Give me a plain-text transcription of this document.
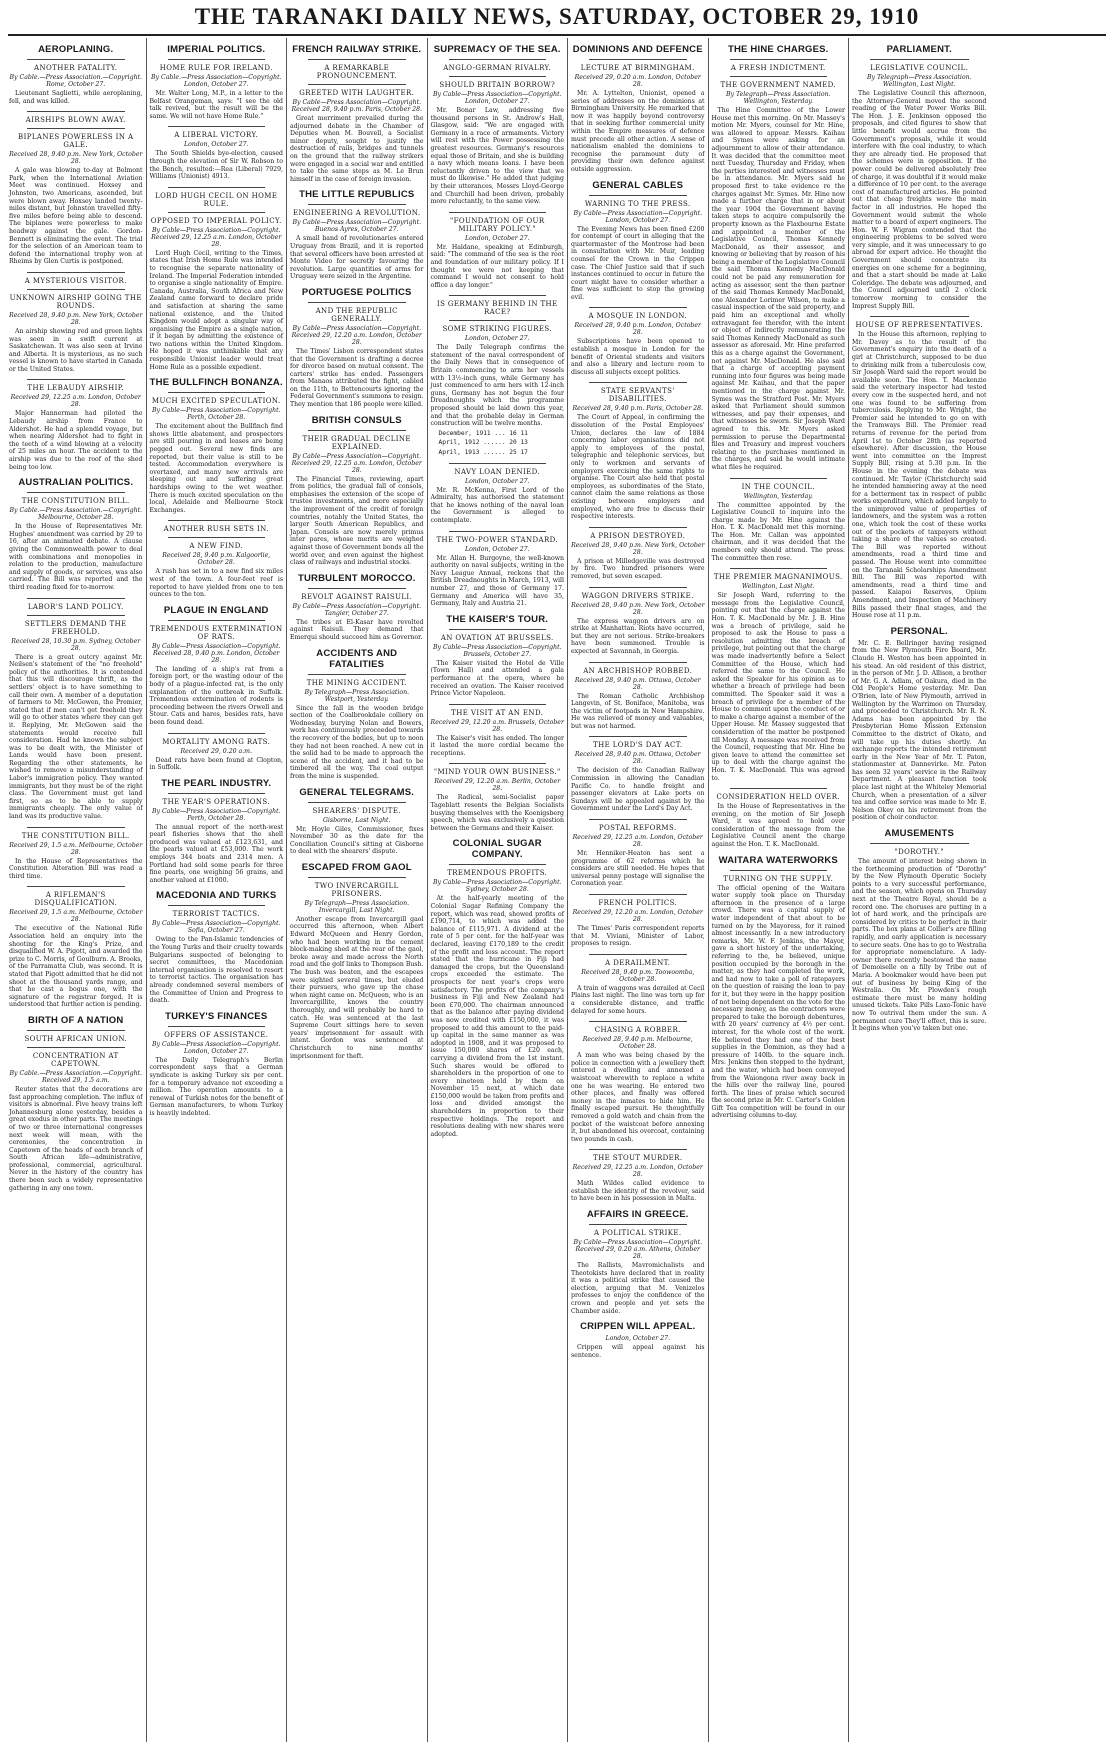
THE TARANAKI DAILY NEWS, SATURDAY, OCTOBER 29, 1910
AEROPLANING.
ANOTHER FATALITY.
By Cable.—Press Association.—Copyright. Rome, October 27.
Lieutenant Saglietti, while aeroplaning, fell, and was killed.
AIRSHIPS BLOWN AWAY.
BIPLANES POWERLESS IN A GALE.
Received 28, 9.40 p.m. New York, October 28.
A gale was blowing to-day at Belmont Park, when the International Aviation Meet was continued. Hoxsey and Johnston, two Americans, ascended, but were blown away. Hoxsey landed twenty-miles distant, but Johnston travelled fifty-five miles before being able to descend. The biplanes were powerless to make headway against the gale. Gordon-Bennett is eliminating the event. The trial for the selection of an American team to defend the international trophy won at Rheims by Glen Curtis is postponed.
A MYSTERIOUS VISITOR.
UNKNOWN AIRSHIP GOING THE ROUNDS.
Received 28, 9.40 p.m. New York, October 28.
An airship showing red and green lights was seen in a swift current at Saskatchewan. It was also seen at Irvine and Alberta. It is mysterious, as no such vessel is known to have started in Canada or the United States.
THE LEBAUDY AIRSHIP.
Received 29, 12.25 a.m. London, October 28.
Major Hannerman had piloted the Lebaudy airship from France to Aldershot. He had a splendid voyage, but when nearing Aldershot had to fight in the teeth of a wind blowing at a velocity of 25 miles an hour. The accident to the airship was due to the roof of the shed being too low.
AUSTRALIAN POLITICS.
THE CONSTITUTION BILL.
By Cable.—Press Association.—Copyright. Melbourne, October 28.
In the House of Representatives Mr. Hughes' amendment was carried by 29 to 16, after an animated debate. A clause giving the Commonwealth power to deal with combinations and monopolies in relation to the production, manufacture and supply of goods, or services, was also carried. The Bill was reported and the third reading fixed for to-morrow.
LABOR'S LAND POLICY.
SETTLERS DEMAND THE FREEHOLD.
Received 28, 10.30 p.m. Sydney, October 28.
There is a great outcry against Mr. Neilsen's statement of the "no freehold" policy of the authorities. It is contended that this will discourage thrift, as the settlers' object is to have something to call their own. A member of a deputation of farmers to Mr. McGowen, the Premier, stated that if men can't get freehold they will go to other states where they can get it. Replying, Mr. McGowen said the statements would receive full consideration. Had he known the subject was to be dealt with, the Minister of Lands would have been present. Regarding the other statements, he wished to remove a misunderstanding of Labor's immigration policy. They wanted immigrants, but they must be of the right class. The Government must get land first, so as to be able to supply immigrants cheaply. The only value of land was its productive value.
THE CONSTITUTION BILL.
Received 29, 1.5 a.m. Melbourne, October 28.
In the House of Representatives the Constitution Alteration Bill was read a third time.
A RIFLEMAN'S DISQUALIFICATION.
Received 29, 1.5 a.m. Melbourne, October 28.
The executive of the National Rifle Association held an enquiry into the shooting for the King's Prize, and disqualified W. A. Pigott, and awarded the prize to C. Morris, of Goulburn. A. Brooks, of the Parramatta Club, was second. It is stated that Pigott admitted that he did not shoot at the thousand yards range, and that he cast a bogus one, with the signature of the registrar forged. It is understood that further action is pending.
BIRTH OF A NATION
SOUTH AFRICAN UNION.
CONCENTRATION AT CAPETOWN.
By Cable.—Press Association.—Copyright. Received 29, 1.5 a.m.
Reuter states that the decorations are fast approaching completion. The influx of visitors is abnormal. Five heavy trains left Johannesburg alone yesterday, besides a great exodus in other parts. The meetings of two or three international congresses next week will mean, with the ceremonies, the concentration in Capetown of the heads of each branch of South African life—administrative, professional, commercial, agricultural. Never in the history of the country has there been such a widely representative gathering in any one town.
IMPERIAL POLITICS.
HOME RULE FOR IRELAND.
By Cable.—Press Association—Copyright. London, October 27.
Mr. Walter Long, M.P., in a letter to the Belfast Orangeman, says: "I see the old talk revived, but the result will be the same. We will not have Home Rule."
A LIBERAL VICTORY.
London, October 27.
The South Shields bye-election, caused through the elevation of Sir W. Robson to the Bench, resulted:—Rea (Liberal) 7929, Williams (Unionist) 4913.
LORD HUGH CECIL ON HOME RULE.
OPPOSED TO IMPERIAL POLICY.
By Cable—Press Association—Copyright. Received 29, 12.25 a.m. London, October 28.
Lord Hugh Cecil, writing to the Times, states that Irish Home Rule was intended to recognise the separate nationality of Ireland. The Imperial Federation intended to organise a single nationality of Empire. Canada, Australia, South Africa and New Zealand came forward to declare pride and satisfaction at sharing the same national existence, and the United Kingdom would adopt a singular way of organising the Empire as a single nation, if it began by admitting the existence of two nations within the United Kingdom. He hoped it was unthinkable that any responsible Unionist leader would treat Home Rule as a possible expedient.
THE BULLFINCH BONANZA.
MUCH EXCITED SPECULATION.
By Cable—Press Association—Copyright. Perth, October 28.
The excitement about the Bullfinch find shows little abatement, and prospectors are still pouring in and leases are being pegged out. Several new finds are reported, but their value is still to be tested. Accommodation everywhere is overtaxed, and many new arrivals are sleeping out and suffering great hardships owing to the wet weather. There is much excited speculation on the local, Adelaide and Melbourne Stock Exchanges.
ANOTHER RUSH SETS IN.
A NEW FIND.
Received 28, 9.40 p.m. Kalgoorlie, October 28.
A rush has set in to a new find six miles west of the town. A four-feet reef is reported to have yielded from one to ten ounces to the ton.
PLAGUE IN ENGLAND
TREMENDOUS EXTERMINATION OF RATS.
By Cable—Press Association—Copyright. Received 28, 9.40 p.m. London, October 28.
The landing of a ship's rat from a foreign port, or the wasting odour of the body of a plague-infected rat, is the only explanation of the outbreak in Suffolk. Tremendous extermination of rodents is proceeding between the rivers Orwell and Stour. Cats and hares, besides rats, have been found dead.
MORTALITY AMONG RATS.
Received 29, 0.20 a.m.
Dead rats have been found at Clopton, in Suffolk.
THE PEARL INDUSTRY.
THE YEAR'S OPERATIONS.
By Cable—Press Association—Copyright. Perth, October 28.
The annual report of the north-west pearl fisheries shows that the shell produced was valued at £123,631, and the pearls valued at £53,000. The work employs 344 boats and 2314 men. A Portland had sold some pearls for three fine pearls, one weighing 56 grains, and another valued at £1000.
MACEDONIA AND TURKS
TERRORIST TACTICS.
By Cable—Press Association—Copyright. Sofia, October 27.
Owing to the Pan-Islamic tendencies of the Young Turks and their cruelty towards Bulgarians suspected of belonging to secret committees, the Macedonian internal organisation is resolved to resort to terrorist tactics. The organisation has already condemned several members of the Committee of Union and Progress to death.
TURKEY'S FINANCES
OFFERS OF ASSISTANCE.
By Cable—Press Association—Copyright. London, October 27.
The Daily Telegraph's Berlin correspondent says that a German syndicate is asking Turkey six per cent. for a temporary advance not exceeding a million. The operation amounts to a renewal of Turkish notes for the benefit of German manufacturers, to whom Turkey is heavily indebted.
FRENCH RAILWAY STRIKE.
A REMARKABLE PRONOUNCEMENT.
GREETED WITH LAUGHTER.
By Cable—Press Association—Copyright. Received 28, 9.40 p.m. Paris, October 28.
Great merriment prevailed during the adjourned debate in the Chamber of Deputies when M. Bouvell, a Socialist minor deputy, sought to justify the destruction of rails, bridges and tunnels on the ground that the railway strikers were engaged in a social war and entitled to take the same steps as M. Le Brun himself in the case of foreign invasion.
THE LITTLE REPUBLICS
ENGINEERING A REVOLUTION.
By Cable—Press Association—Copyright. Buenos Ayres, October 27.
A small band of revolutionaries entered Uruguay from Brazil, and it is reported that several officers have been arrested at Monte Video for secretly favouring the revolution. Large quantities of arms for Uruguay were seized in the Argentine.
PORTUGESE POLITICS
AND THE REPUBLIC GENERALLY.
By Cable—Press Association—Copyright. Received 29, 12.20 a.m. London, October 28.
The Times' Lisbon correspondent states that the Government is drafting a decree for divorce based on mutual consent. The carters' strike has ended. Passengers from Manaos attributed the fight, cabled on the 11th, to Bettencourts ignoring the Federal Government's summons to resign. They mention that 186 people were killed.
BRITISH CONSULS
THEIR GRADUAL DECLINE EXPLAINED.
By Cable—Press Association—Copyright. Received 29, 12.25 a.m. London, October 28.
The Financial Times, reviewing, apart from politics, the gradual fall of consols, emphasises the extension of the scope of trustee investments, and more especially the improvement of the credit of foreign countries, notably the United States, the larger South American Republics, and Japan. Consols are now merely primus inter pares, whose merits are weighed against those of Government bonds all the world over, and even against the highest class of railways and industrial stocks.
TURBULENT MOROCCO.
REVOLT AGAINST RAISULI.
By Cable—Press Association—Copyright. Tangier, October 27.
The tribes at El-Kasar have revolted against Raisuli. They demand that Emerqui should succeed him as Governor.
ACCIDENTS AND FATALITIES
THE MINING ACCIDENT.
By Telegraph—Press Association. Westport, Yesterday.
Since the fall in the wooden bridge section of the Coalbrookdale colliery on Wednesday, burying Nolan and Bowers, work has continuously proceeded towards the recovery of the bodies, but up to noon they had not been reached. A new cut in the solid had to be made to approach the scene of the accident, and it had to be timbered all the way. The coal output from the mine is suspended.
GENERAL TELEGRAMS.
SHEARERS' DISPUTE.
Gisborne, Last Night.
Mr. Hoyle Giles, Commissioner, fixes November 30 as the date for the Conciliation Council's sitting at Gisborne to deal with the shearers' dispute.
ESCAPED FROM GAOL
TWO INVERCARGILL PRISONERS.
By Telegraph—Press Association. Invercargill, Last Night.
Another escape from Invercargill gaol occurred this afternoon, when Albert Edward McQueen and Henry Gordon, who had been working in the cement block-making shed at the rear of the gaol, broke away and made across the North road and the golf links to Thompson Bush. The bush was beaten, and the escapees were sighted several times, but eluded their pursuers, who gave up the chase when night came on. McQueen, who is an Invercargillite, knows the country thoroughly, and will probably be hard to catch. He was sentenced at the last Supreme Court sittings here to seven years' imprisonment for assault with intent. Gordon was sentenced at Christchurch to nine months' imprisonment for theft.
SUPREMACY OF THE SEA.
ANGLO-GERMAN RIVALRY.
SHOULD BRITAIN BORROW?
By Cable—Press Association—Copyright. London, October 27.
Mr. Bonar Law, addressing five thousand persons in St. Andrew's Hall, Glasgow, said: "We are engaged with Germany in a race of armaments. Victory will rest with the Power possessing the greatest resources. Germany's resources equal those of Britain, and she is building a navy which means loans. I have been reluctantly driven to the view that we must do likewise." He added that judging by their utterances, Messrs Lloyd-George and Churchill had been driven, probably more reluctantly, to the same view.
"FOUNDATION OF OUR MILITARY POLICY."
London, October 27.
Mr. Haldane, speaking at Edinburgh, said: "The command of the sea is the root and foundation of our military policy. If I thought we were not keeping that command I would not consent to hold office a day longer."
IS GERMANY BEHIND IN THE RACE?
SOME STRIKING FIGURES.
London, October 27.
The Daily Telegraph confirms the statement of the naval correspondent of the Daily News that in consequence of Britain commencing to arm her vessels with 13½-inch guns, while Germany has just commenced to arm hers with 12-inch guns, Germany has not begun the four Dreadnoughts which the programme proposed should be laid down this year, and that the probable delay in German construction will be twelve months.
December, 1911 ... 16 11
April, 1912 ...... 20 13
April, 1913 ...... 25 17
NAVY LOAN DENIED.
London, October 27.
Mr. R. McKenna, First Lord of the Admiralty, has authorised the statement that he knows nothing of the naval loan the Government is alleged to contemplate.
THE TWO-POWER STANDARD.
London, October 27.
Mr. Allan H. Burgoyne, the well-known authority on naval subjects, writing in the Navy League Annual, reckons that the British Dreadnoughts in March, 1913, will number 27, and those of Germany 17. Germany and America will have 35, Germany, Italy and Austria 21.
THE KAISER'S TOUR.
AN OVATION AT BRUSSELS.
By Cable—Press Association—Copyright. Brussels, October 27.
The Kaiser visited the Hotel de Ville (Town Hall) and attended a gala performance at the opera, where he received an ovation. The Kaiser received Prince Victor Napoleon.
THE VISIT AT AN END.
Received 29, 12.20 a.m. Brussels, October 28.
The Kaiser's visit has ended. The longer it lasted the more cordial became the receptions.
"MIND YOUR OWN BUSINESS."
Received 29, 12.20 a.m. Berlin, October 28.
The Radical, semi-Socialist paper Tageblatt resents the Belgian Socialists busying themselves with the Koenigsberg speech, which was exclusively a question between the Germans and their Kaiser.
COLONIAL SUGAR COMPANY.
TREMENDOUS PROFITS.
By Cable—Press Association—Copyright. Sydney, October 28.
At the half-yearly meeting of the Colonial Sugar Refining Company the report, which was read, showed profits of £190,714, to which was added the balance of £115,971. A dividend at the rate of 5 per cent. for the half-year was declared, leaving £170,189 to the credit of the profit and loss account. The report stated that the hurricane in Fiji had damaged the crops, but the Queensland crops exceeded the estimate. The prospects for next year's crops were satisfactory. The profits of the company's business in Fiji and New Zealand had been £70,000. The chairman announced that as the balance after paying dividend was now credited with £150,000, it was proposed to add this amount to the paid-up capital in the same manner as was adopted in 1908, and it was proposed to issue 150,000 shares of £20 each, carrying a dividend from the 1st instant. Such shares would be offered to shareholders in the proportion of one to every nineteen held by them on November 15 next, at which date £150,000 would be taken from profits and loss and divided amongst the shareholders in proportion to their respective holdings. The report and resolutions dealing with new shares were adopted.
DOMINIONS AND DEFENCE
LECTURE AT BIRMINGHAM.
Received 29, 0.20 a.m. London, October 28.
Mr. A. Lyttelton, Unionist, opened a series of addresses on the dominions at Birmingham University. He remarked that now it was happily beyond controversy that in seeking further commercial unity within the Empire measures of defence must precede all other action. A sense of nationalism enabled the dominions to recognise the paramount duty of providing their own defence against outside aggression.
GENERAL CABLES
WARNING TO THE PRESS.
By Cable—Press Association—Copyright. London, October 27.
The Evening News has been fined £200 for contempt of court in alleging that the quartermaster of the Montrose had been in consultation with Mr. Muir, leading counsel for the Crown in the Crippen case. The Chief Justice said that if such instances continued to occur in future the court might have to consider whether a fine was sufficient to stop the growing evil.
A MOSQUE IN LONDON.
Received 28, 9.40 p.m. London, October 28.
Subscriptions have been opened to establish a mosque in London for the benefit of Oriental students and visitors and also a library and lecture room to discuss all subjects except politics.
STATE SERVANTS' DISABILITIES.
Received 28, 9.40 p.m. Paris, October 28.
The Court of Appeal, in confirming the dissolution of the Postal Employees' Union, declares the law of 1884 concerning labor organisations did not apply to employees of the postal, telegraphic and telephonic services, but only to workmen and servants of employers exercising the same rights to organise. The Court also held that postal employees, as subordinates of the State, cannot claim the same relations as those existing between employers and employed, who are free to discuss their respective interests.
A PRISON DESTROYED.
Received 28, 9.40 p.m. New York, October 28.
A prison at Milledgeville was destroyed by fire. Two hundred prisoners were removed, but seven escaped.
WAGGON DRIVERS STRIKE.
Received 28, 9.40 p.m. New York, October 28.
The express waggon drivers are on strike at Manhattan. Riots have occurred, but they are not serious. Strike-breakers have been summoned. Trouble is expected at Savannah, in Georgia.
AN ARCHBISHOP ROBBED.
Received 28, 9.40 p.m. Ottawa, October 28.
The Roman Catholic Archbishop Langevin, of St. Boniface, Manitoba, was the victim of footpads in New Hampshire. He was relieved of money and valuables, but was not harmed.
THE LORD'S DAY ACT.
Received 28, 9.40 p.m. Ottawa, October 28.
The decision of the Canadian Railway Commission in allowing the Canadian Pacific Co. to handle freight and passenger elevators at Lake ports on Sundays will be appealed against by the Government under the Lord's Day Act.
POSTAL REFORMS.
Received 29, 12.25 a.m. London, October 28.
Mr. Henniker-Heaton has sent a programme of 62 reforms which he considers are still needed. He hopes that universal penny postage will signalise the Coronation year.
FRENCH POLITICS.
Received 29, 12.20 a.m. London, October 28.
The Times' Paris correspondent reports that M. Viviani, Minister of Labor, proposes to resign.
A DERAILMENT.
Received 28, 9.40 p.m. Toowoomba, October 28.
A train of waggons was derailed at Cecil Plains last night. The line was torn up for a considerable distance, and traffic delayed for some hours.
CHASING A ROBBER.
Received 28, 9.40 p.m. Melbourne, October 28.
A man who was being chased by the police in connection with a jewellery theft entered a dwelling and annexed a waistcoat wherewith to replace a white one he was wearing. He entered two other places, and finally was offered money in the inmates to hide him. He finally escaped pursuit. He thoughtfully removed a gold watch and chain from the pocket of the waistcoat before annexing it, but abandoned his overcoat, containing two pounds in cash.
THE STOUT MURDER.
Received 29, 12.25 a.m. London, October 28.
Math Wildes called evidence to establish the identity of the revolver, said to have been in his possession in Malta.
AFFAIRS IN GREECE.
A POLITICAL STRIKE.
By Cable—Press Association—Copyright. Received 29, 0.20 a.m. Athens, October 28.
The Rallists, Mavromichalists and Theotokists have declared that in reality it was a political strike that caused the election, arguing that M. Venizelos professes to enjoy the confidence of the crown and people and yet sets the Chamber aside.
CRIPPEN WILL APPEAL.
London, October 27.
Crippen will appeal against his sentence.
THE HINE CHARGES.
A FRESH INDICTMENT.
THE GOVERNMENT NAMED.
By Telegraph—Press Association. Wellington, Yesterday.
The Hine Committee of the Lower House met this morning. On Mr. Massey's motion Mr. Myers, counsel for Mr. Hine, was allowed to appear. Messrs. Kaihau and Symes were asking for an adjournment to allow of their attendance. It was decided that the committee meet next Tuesday, Thursday and Friday, when the parties interested and witnesses must be in attendance. Mr. Myers said he proposed first to take evidence re the charges against Mr. Symes. Mr. Hine now made a further charge that in or about the year 1904 the Government having taken steps to acquire compulsorily the property known as the Flaxbourne Estate and appointed a member of the Legislative Council, Thomas Kennedy MacDonald, as their assessor, and knowing or believing that by reason of his being a member of the Legislative Council the said Thomas Kennedy MacDonald could not be paid any remuneration for acting as assessor, sent the then partner of the said Thomas Kennedy MacDonald, one Alexander Lorimer Wilson, to make a casual inspection of the said property, and paid him an exceptional and wholly extravagant fee therefor, with the intent or object of indirectly remunerating the said Thomas Kennedy MacDonald as such assessor as aforesaid. Mr. Hine preferred this as a charge against the Government, not against Mr. MacDonald. He also said that a charge of accepting payment running into four figures was being made against Mr. Kaihau, and that the paper mentioned in the charge against Mr. Symes was the Stratford Post. Mr. Myers asked that Parliament should summon witnesses, and pay their expenses, and that witnesses be sworn. Sir Joseph Ward agreed to this. Mr. Myers asked permission to peruse the Departmental files and Treasury and imprest vouchers relating to the purchases mentioned in the charges, and said he would intimate what files he required.
IN THE COUNCIL.
Wellington, Yesterday.
The committee appointed by the Legislative Council to inquire into the charge made by Mr. Hine against the Hon. T. K. MacDonald met this morning. The Hon. Mr. Callan was appointed chairman, and it was decided that the members only should attend. The press. The committee then rose.
THE PREMIER MAGNANIMOUS.
Wellington, Last Night.
Sir Joseph Ward, referring to the message from the Legislative Council, pointing out that the charge against the Hon. T. K. MacDonald by Mr. J. B. Hine was a breach of privilege, said he proposed to ask the House to pass a resolution admitting the breach of privilege, but pointing out that the charge was made inadvertently before a Select Committee of the House, which had referred the same to the Council. He asked the Speaker for his opinion as to whether a breach of privilege had been committed. The Speaker said it was a breach of privilege for a member of the House to comment upon the conduct of or to make a charge against a member of the Upper House. Mr. Massey suggested that consideration of the matter be postponed till Monday. A message was received from the Council, requesting that Mr. Hine be given leave to attend the committee set up to deal with the charge against the Hon. T. K. MacDonald. This was agreed to.
CONSIDERATION HELD OVER.
In the House of Representatives in the evening, on the motion of Sir Joseph Ward, it was agreed to hold over consideration of the message from the Legislative Council anent the charge against the Hon. T. K. MacDonald.
WAITARA WATERWORKS
TURNING ON THE SUPPLY.
The official opening of the Waitara water supply took place on Thursday afternoon in the presence of a large crowd. There was a capital supply of water independent of that about to be turned on by the Mayoress, for it rained almost incessantly. In a new introductory remarks, Mr. W. F. Jenkins, the Mayor, gave a short history of the undertaking, referring to the, he believed, unique position occupied by the borough in the matter, as they had completed the work, and had now to take a poll of ratepayers on the question of raising the loan to pay for it, but they were in the happy position of not being dependent on the vote for the necessary money, as the contractors were prepared to take the borough debentures, with 20 years' currency at 4½ per cent. interest, for the whole cost of the work. He believed they had one of the best supplies in the Dominion, as they had a pressure of 140lb. to the square inch. Mrs. Jenkins then stepped to the hydrant, and the water, which had been conveyed from the Waiongona river away back in the hills over the railway line, poured forth. The lines of praise which secured the second prize in Mr. C. Carter's Golden Gift Tea competition will be found in our advertising columns to-day.
PARLIAMENT.
LEGISLATIVE COUNCIL.
By Telegraph—Press Association. Wellington, Last Night.
The Legislative Council this afternoon, the Attorney-General moved the second reading of the Water Power Works Bill. The Hon. J. E. Jenkinson opposed the proposals, and cited figures to show that little benefit would accrue from the Government's proposals, while it would interfere with the coal industry, to which they are already tied. He proposed that the schemes were in opposition. If the power could be delivered absolutely free of charge, it was doubtful if it would make a difference of 10 per cent. to the average cost of manufactured articles. He pointed out that cheap freights were the main factor in all industries. He hoped the Government would submit the whole matter to a board of expert engineers. The Hon. W. F. Wigram contended that the engineering problems to be solved were very simple, and it was unnecessary to go abroad for expert advice. He thought the Government should concentrate its energies on one scheme for a beginning, and that a start should be made at Lake Coleridge. The debate was adjourned, and the Council adjourned until 2 o'clock tomorrow morning to consider the Imprest Supply Bill.
HOUSE OF REPRESENTATIVES.
In the House this afternoon, replying to Mr. Davey as to the result of the Government's enquiry into the death of a girl at Christchurch, supposed to be due to drinking milk from a tuberculosis cow, Sir Joseph Ward said the report would be available soon. The Hon. T. Mackenzie said the veterinary inspector had tested every cow in the suspected herd, and not one was found to be suffering from tuberculosis. Replying to Mr. Wright, the Premier said he intended to go on with the Tramways Bill. The Premier read returns of revenue for the period from April 1st to October 28th (as reported elsewhere). After discussion, the House went into committee on the Imprest Supply Bill, rising at 5.30 p.m. In the House in the evening the debate was continued. Mr. Taylor (Christchurch) said he intended hammering away at the need for a betterment tax in respect of public works expenditure, which added largely to the unimproved value of properties of landowners, and the system was a rotten one, which took the cost of these works out of the pockets of taxpayers without taking a share of the values so created. The Bill was reported without amendments, read a third time and passed. The House went into committee on the Taranaki Scholarships Amendment Bill. The Bill was reported with amendments, read a third time and passed. Kaiapoi Reserves, Opium Amendment, and Inspection of Machinery Bills passed their final stages, and the House rose at 11 p.m.
PERSONAL.
Mr. C. E. Bellringer having resigned from the New Plymouth Fire Board, Mr. Claude H. Weston has been appointed in his stead. An old resident of this district, in the person of Mr. J. D. Allison, a brother of Mr. G. A. Adlam, of Oakura, died in the Old People's Home yesterday. Mr. Dan O'Brien, late of New Plymouth, arrived in Wellington by the Warrimoo on Thursday, and proceeded to Christchurch. Mr. R. N. Adams has been appointed by the Presbyterian Home Mission Extension Committee to the district of Okato, and will take up his duties shortly. An exchange reports the intended retirement early in the New Year of Mr. T. Paton, stationmaster at Dannevirke. Mr. Paton has seen 32 years' service in the Railway Department. A pleasant function took place last night at the Whiteley Memorial Church, when a presentation of a silver tea and coffee service was made to Mr. E. Nelson Okey on his retirement from the position of choir conductor.
AMUSEMENTS
"DOROTHY."
The amount of interest being shown in the forthcoming production of "Dorothy" by the New Plymouth Operatic Society points to a very successful performance, and the season, which opens on Thursday next at the Theatre Royal, should be a record one. The choruses are putting in a lot of hard work, and the principals are considered by critics to be perfect in their parts. The box plans at Collier's are filling rapidly, and early application is necessary to secure seats. One has to go to Westralia for appropriate nomenclature. A lady-owner there recently bestowed the name of Demoiselle on a filly by Tribe out of Maria. A bookmaker would have been put out of business by being King of the Westralia. On Mr. Plowden's rough estimate there must be many holding unused tickets. Take Pills Laxo-Tonic have now To outrival them under the sun. A permanent cure They'll effect, this is sure. It begins when you've taken but one.
